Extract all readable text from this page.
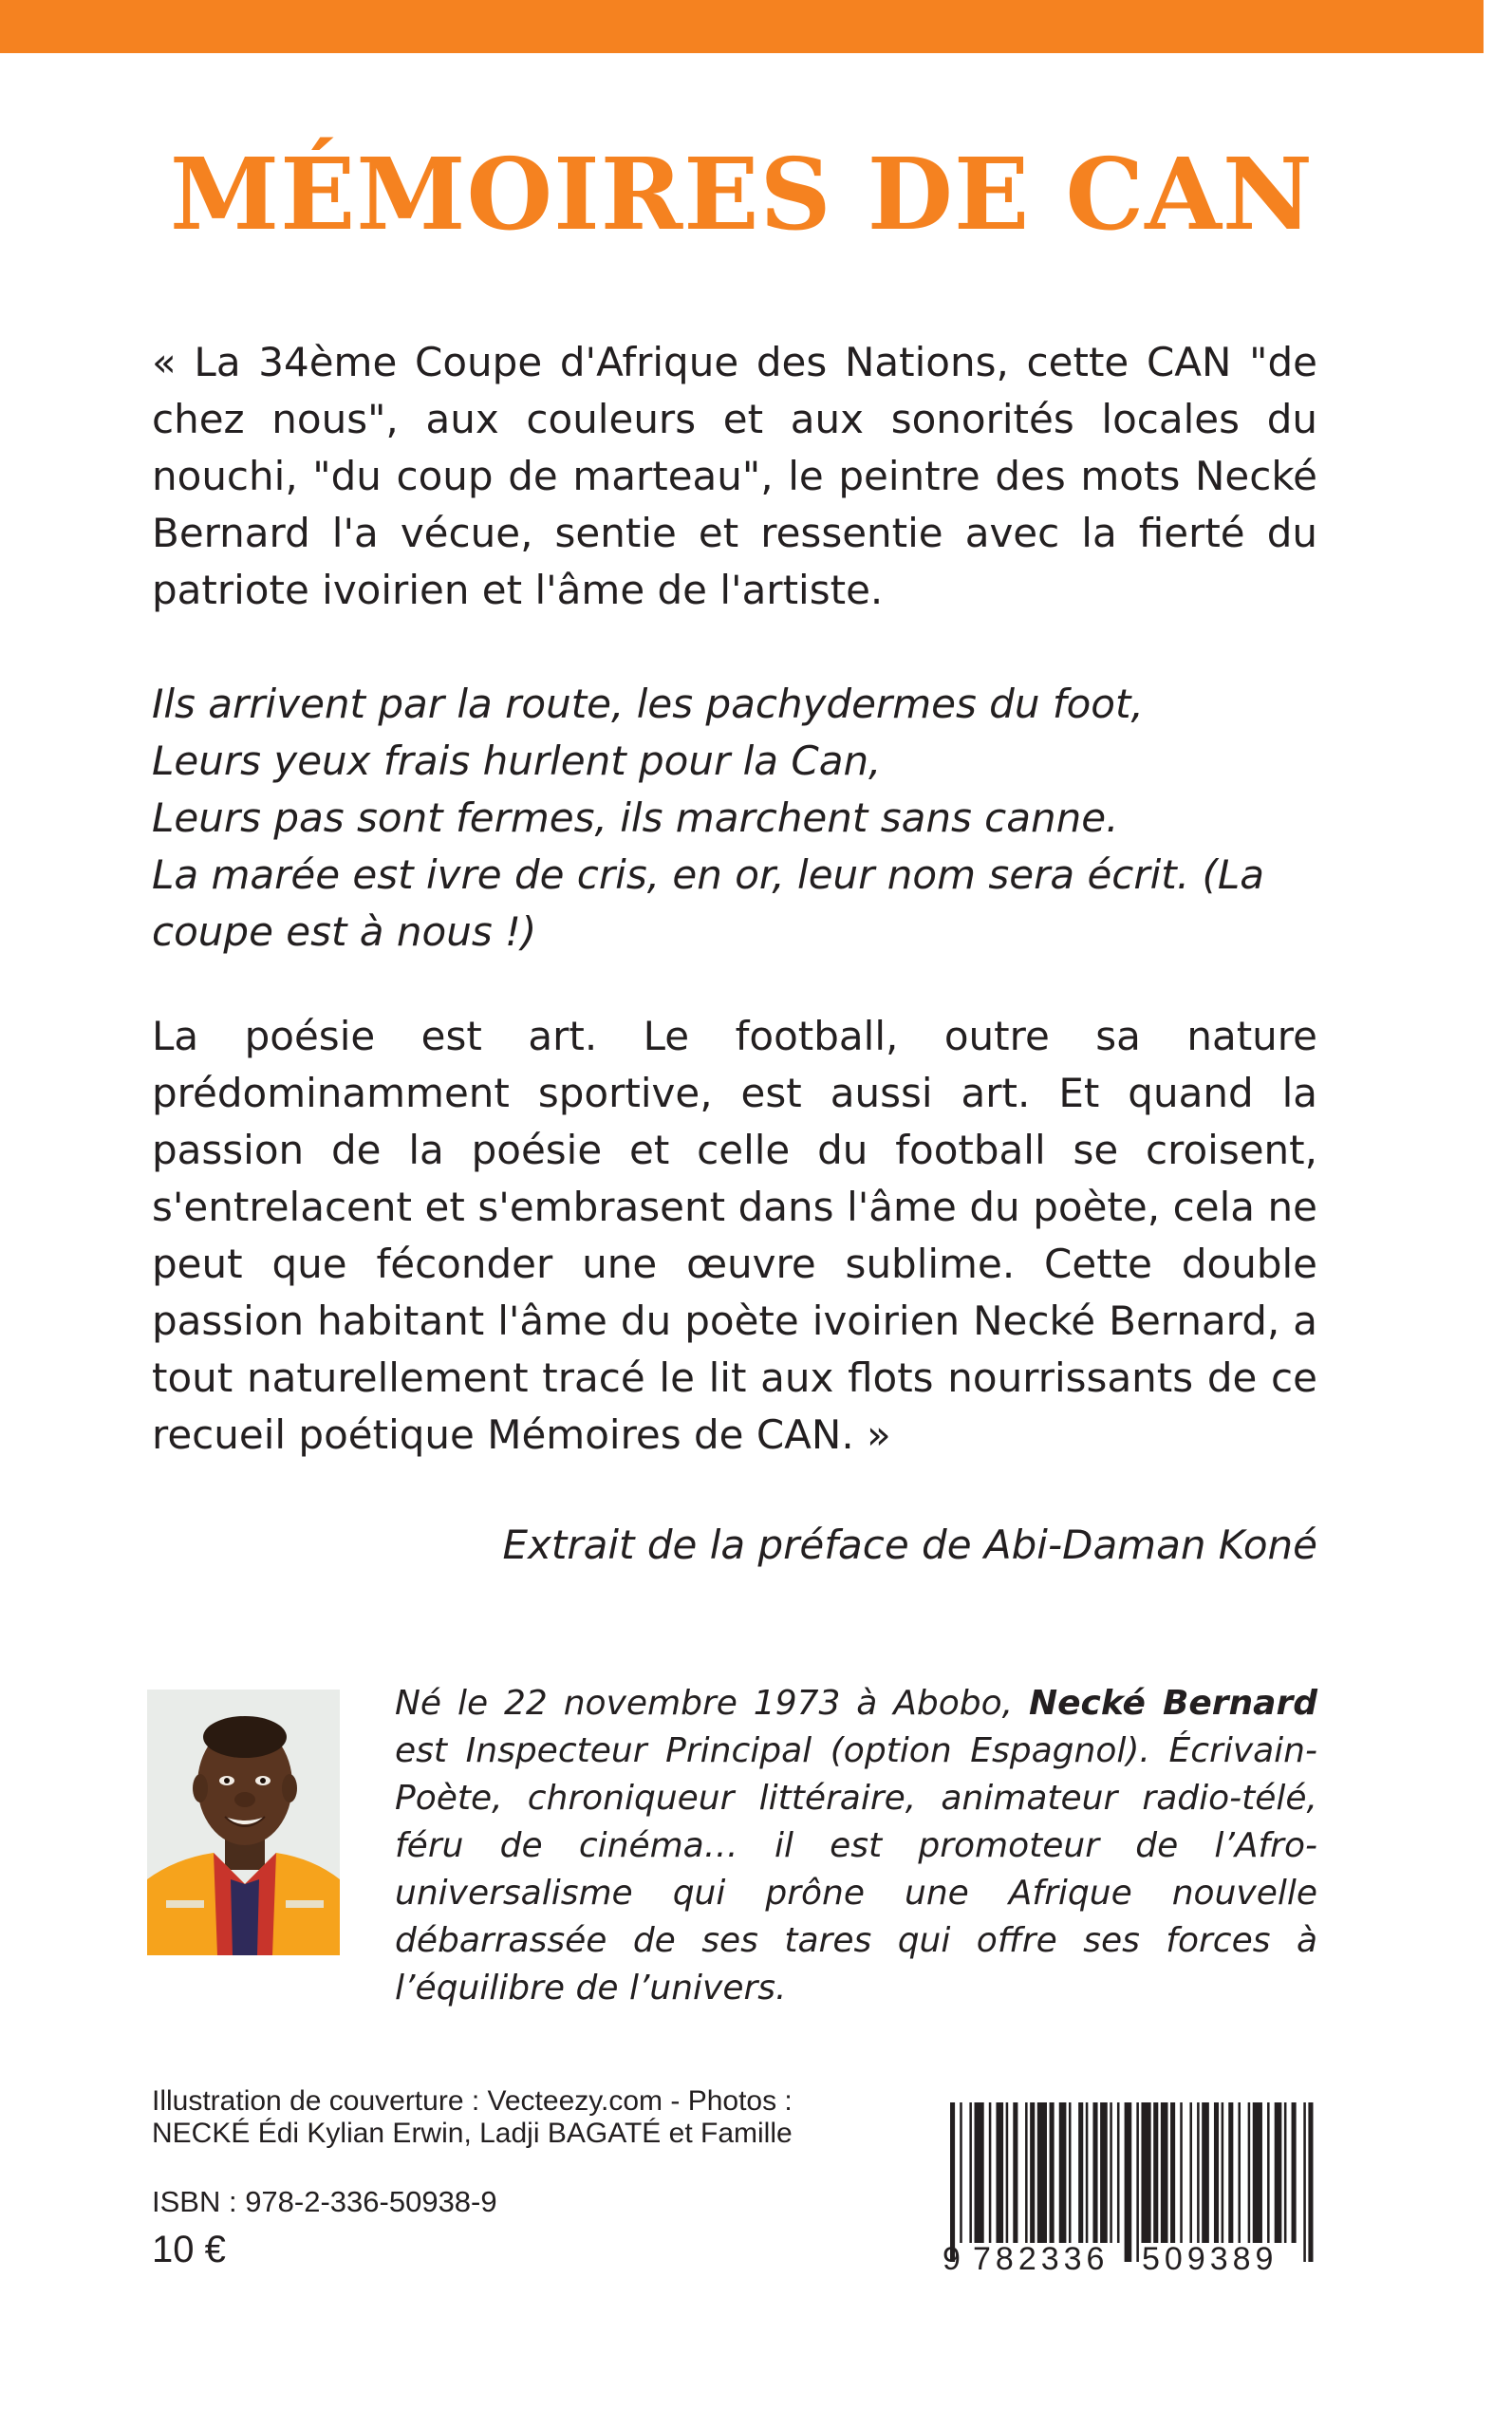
MÉMOIRES DE CAN

« La 34ème Coupe d'Afrique des Nations, cette CAN "de chez nous", aux couleurs et aux sonorités locales du nouchi, "du coup de marteau", le peintre des mots Necké Bernard l'a vécue, sentie et ressentie avec la fierté du patriote ivoirien et l'âme de l'artiste.

Ils arrivent par la route, les pachydermes du foot,
Leurs yeux frais hurlent pour la Can,
Leurs pas sont fermes, ils marchent sans canne.
La marée est ivre de cris, en or, leur nom sera écrit. (La coupe est à nous !)

La poésie est art. Le football, outre sa nature prédominamment sportive, est aussi art. Et quand la passion de la poésie et celle du football se croisent, s'entrelacent et s'embrasent dans l'âme du poète, cela ne peut que féconder une œuvre sublime. Cette double passion habitant l'âme du poète ivoirien Necké Bernard, a tout naturellement tracé le lit aux flots nourrissants de ce recueil poétique Mémoires de CAN. »

Extrait de la préface de Abi-Daman Koné

Né le 22 novembre 1973 à Abobo, Necké Bernard est Inspecteur Principal (option Espagnol). Écrivain-Poète, chroniqueur littéraire, animateur radio-télé, féru de cinéma… il est promoteur de l’Afro-universalisme qui prône une Afrique nouvelle débarrassée de ses tares qui offre ses forces à l’équilibre de l’univers.

Illustration de couverture : Vecteezy.com - Photos :
NECKÉ Édi Kylian Erwin, Ladji BAGATÉ et Famille

ISBN : 978-2-336-50938-9

10 €	9 782336 509389
